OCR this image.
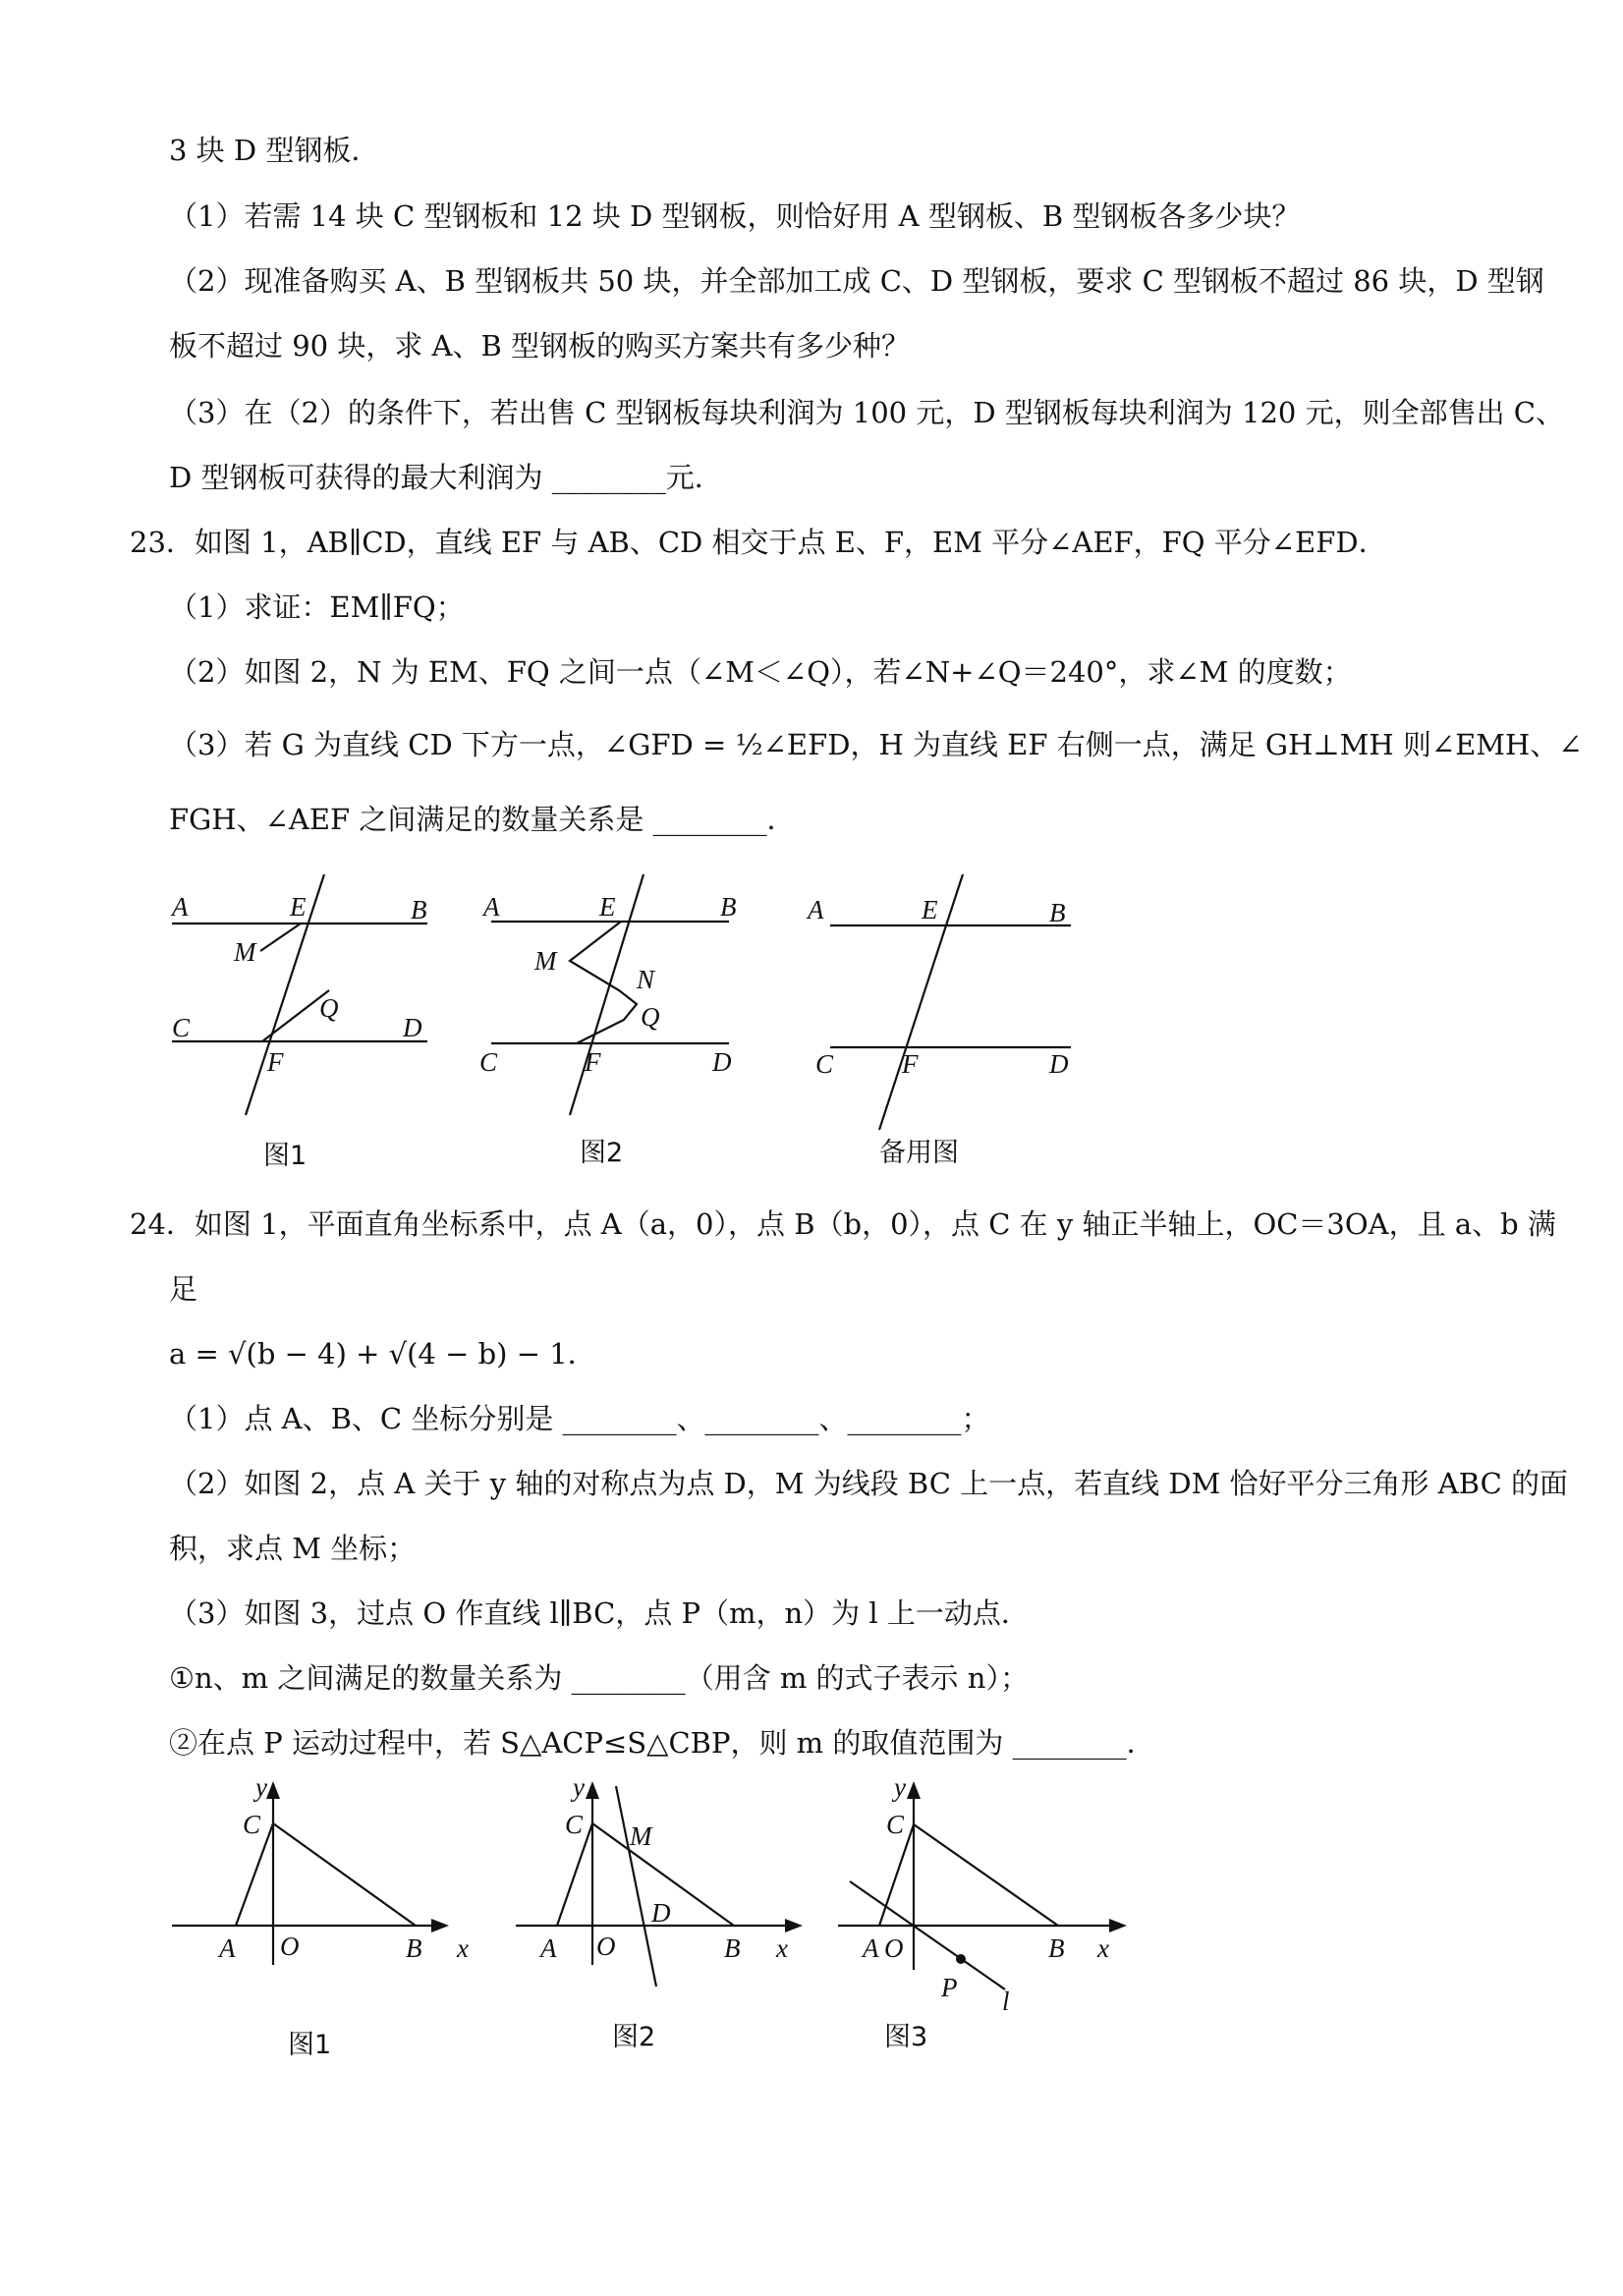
3 块 D 型钢板．
（1）若需 14 块 C 型钢板和 12 块 D 型钢板，则恰好用 A 型钢板、B 型钢板各多少块？
（2）现准备购买 A、B 型钢板共 50 块，并全部加工成 C、D 型钢板，要求 C 型钢板不超过 86 块，D 型钢
板不超过 90 块，求 A、B 型钢板的购买方案共有多少种？
（3）在（2）的条件下，若出售 C 型钢板每块利润为 100 元，D 型钢板每块利润为 120 元，则全部售出 C、
D 型钢板可获得的最大利润为 ________元．
23．如图 1，AB∥CD，直线 EF 与 AB、CD 相交于点 E、F，EM 平分∠AEF，FQ 平分∠EFD．
（1）求证：EM∥FQ；
（2）如图 2，N 为 EM、FQ 之间一点（∠M＜∠Q），若∠N+∠Q＝240°，求∠M 的度数；
（3）若 G 为直线 CD 下方一点，∠GFD = ½∠EFD，H 为直线 EF 右侧一点，满足 GH⊥MH 则∠EMH、∠
FGH、∠AEF 之间满足的数量关系是 ________．
A	E	B
M
Q
C
F
D
图1
A	E	B
M
N
Q
C	F	D
图2
A	E	B
C	F	D
备用图
24．如图 1，平面直角坐标系中，点 A（a，0），点 B（b，0），点 C 在 y 轴正半轴上，OC＝3OA，且 a、b 满
足
a = √(b − 4) + √(4 − b) − 1．
（1）点 A、B、C 坐标分别是 ________、________、________；
（2）如图 2，点 A 关于 y 轴的对称点为点 D，M 为线段 BC 上一点，若直线 DM 恰好平分三角形 ABC 的面
积，求点 M 坐标；
（3）如图 3，过点 O 作直线 l∥BC，点 P（m，n）为 l 上一动点．
①n、m 之间满足的数量关系为 ________（用含 m 的式子表示 n）；
②在点 P 运动过程中，若 S△ACP≤S△CBP，则 m 的取值范围为 ________．
y
C
A O	B x
图1
y
C M
D
A O	B x
图2
y
C
A O	B x
P l
图3
